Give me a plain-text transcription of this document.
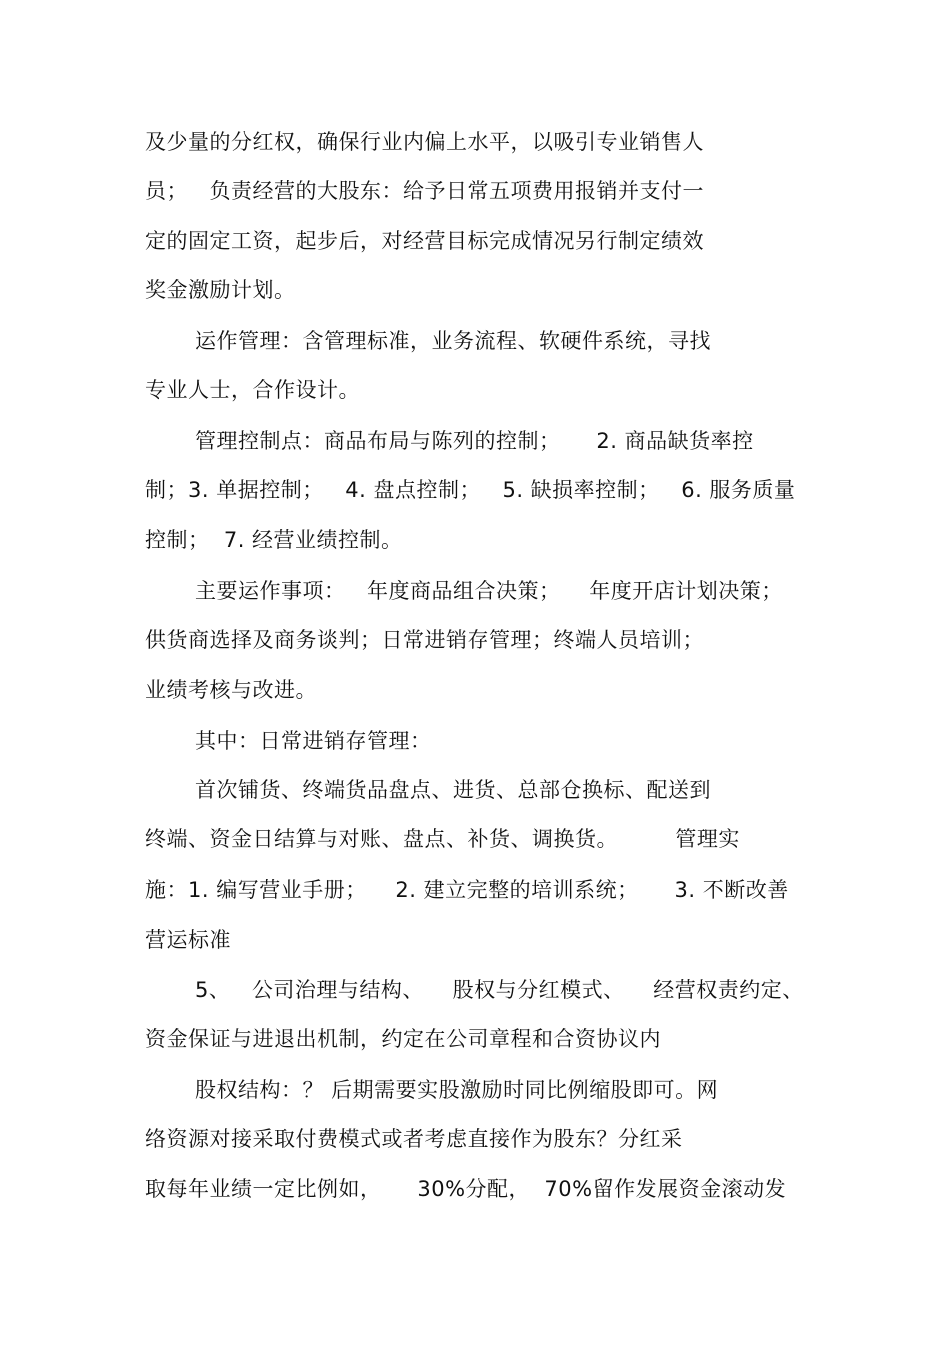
及少量的分红权，确保行业内偏上水平，以吸引专业销售人
员；   负责经营的大股东：给予日常五项费用报销并支付一
定的固定工资，起步后，对经营目标完成情况另行制定绩效
奖金激励计划。
运作管理：含管理标准，业务流程、软硬件系统，寻找
专业人士，合作设计。
管理控制点：商品布局与陈列的控制；     2. 商品缺货率控
制；3. 单据控制；   4. 盘点控制；   5. 缺损率控制；   6. 服务质量
控制；  7. 经营业绩控制。
主要运作事项：   年度商品组合决策；    年度开店计划决策；
供货商选择及商务谈判；日常进销存管理；终端人员培训；
业绩考核与改进。
其中：日常进销存管理：
首次铺货、终端货品盘点、进货、总部仓换标、配送到
终端、资金日结算与对账、盘点、补货、调换货。        管理实
施：1. 编写营业手册；    2. 建立完整的培训系统；     3. 不断改善
营运标准
5、   公司治理与结构、    股权与分红模式、    经营权责约定、
资金保证与进退出机制，约定在公司章程和合资协议内
股权结构：？ 后期需要实股激励时同比例缩股即可。网
络资源对接采取付费模式或者考虑直接作为股东？分红采
取每年业绩一定比例如，     30%分配，  70%留作发展资金滚动发
